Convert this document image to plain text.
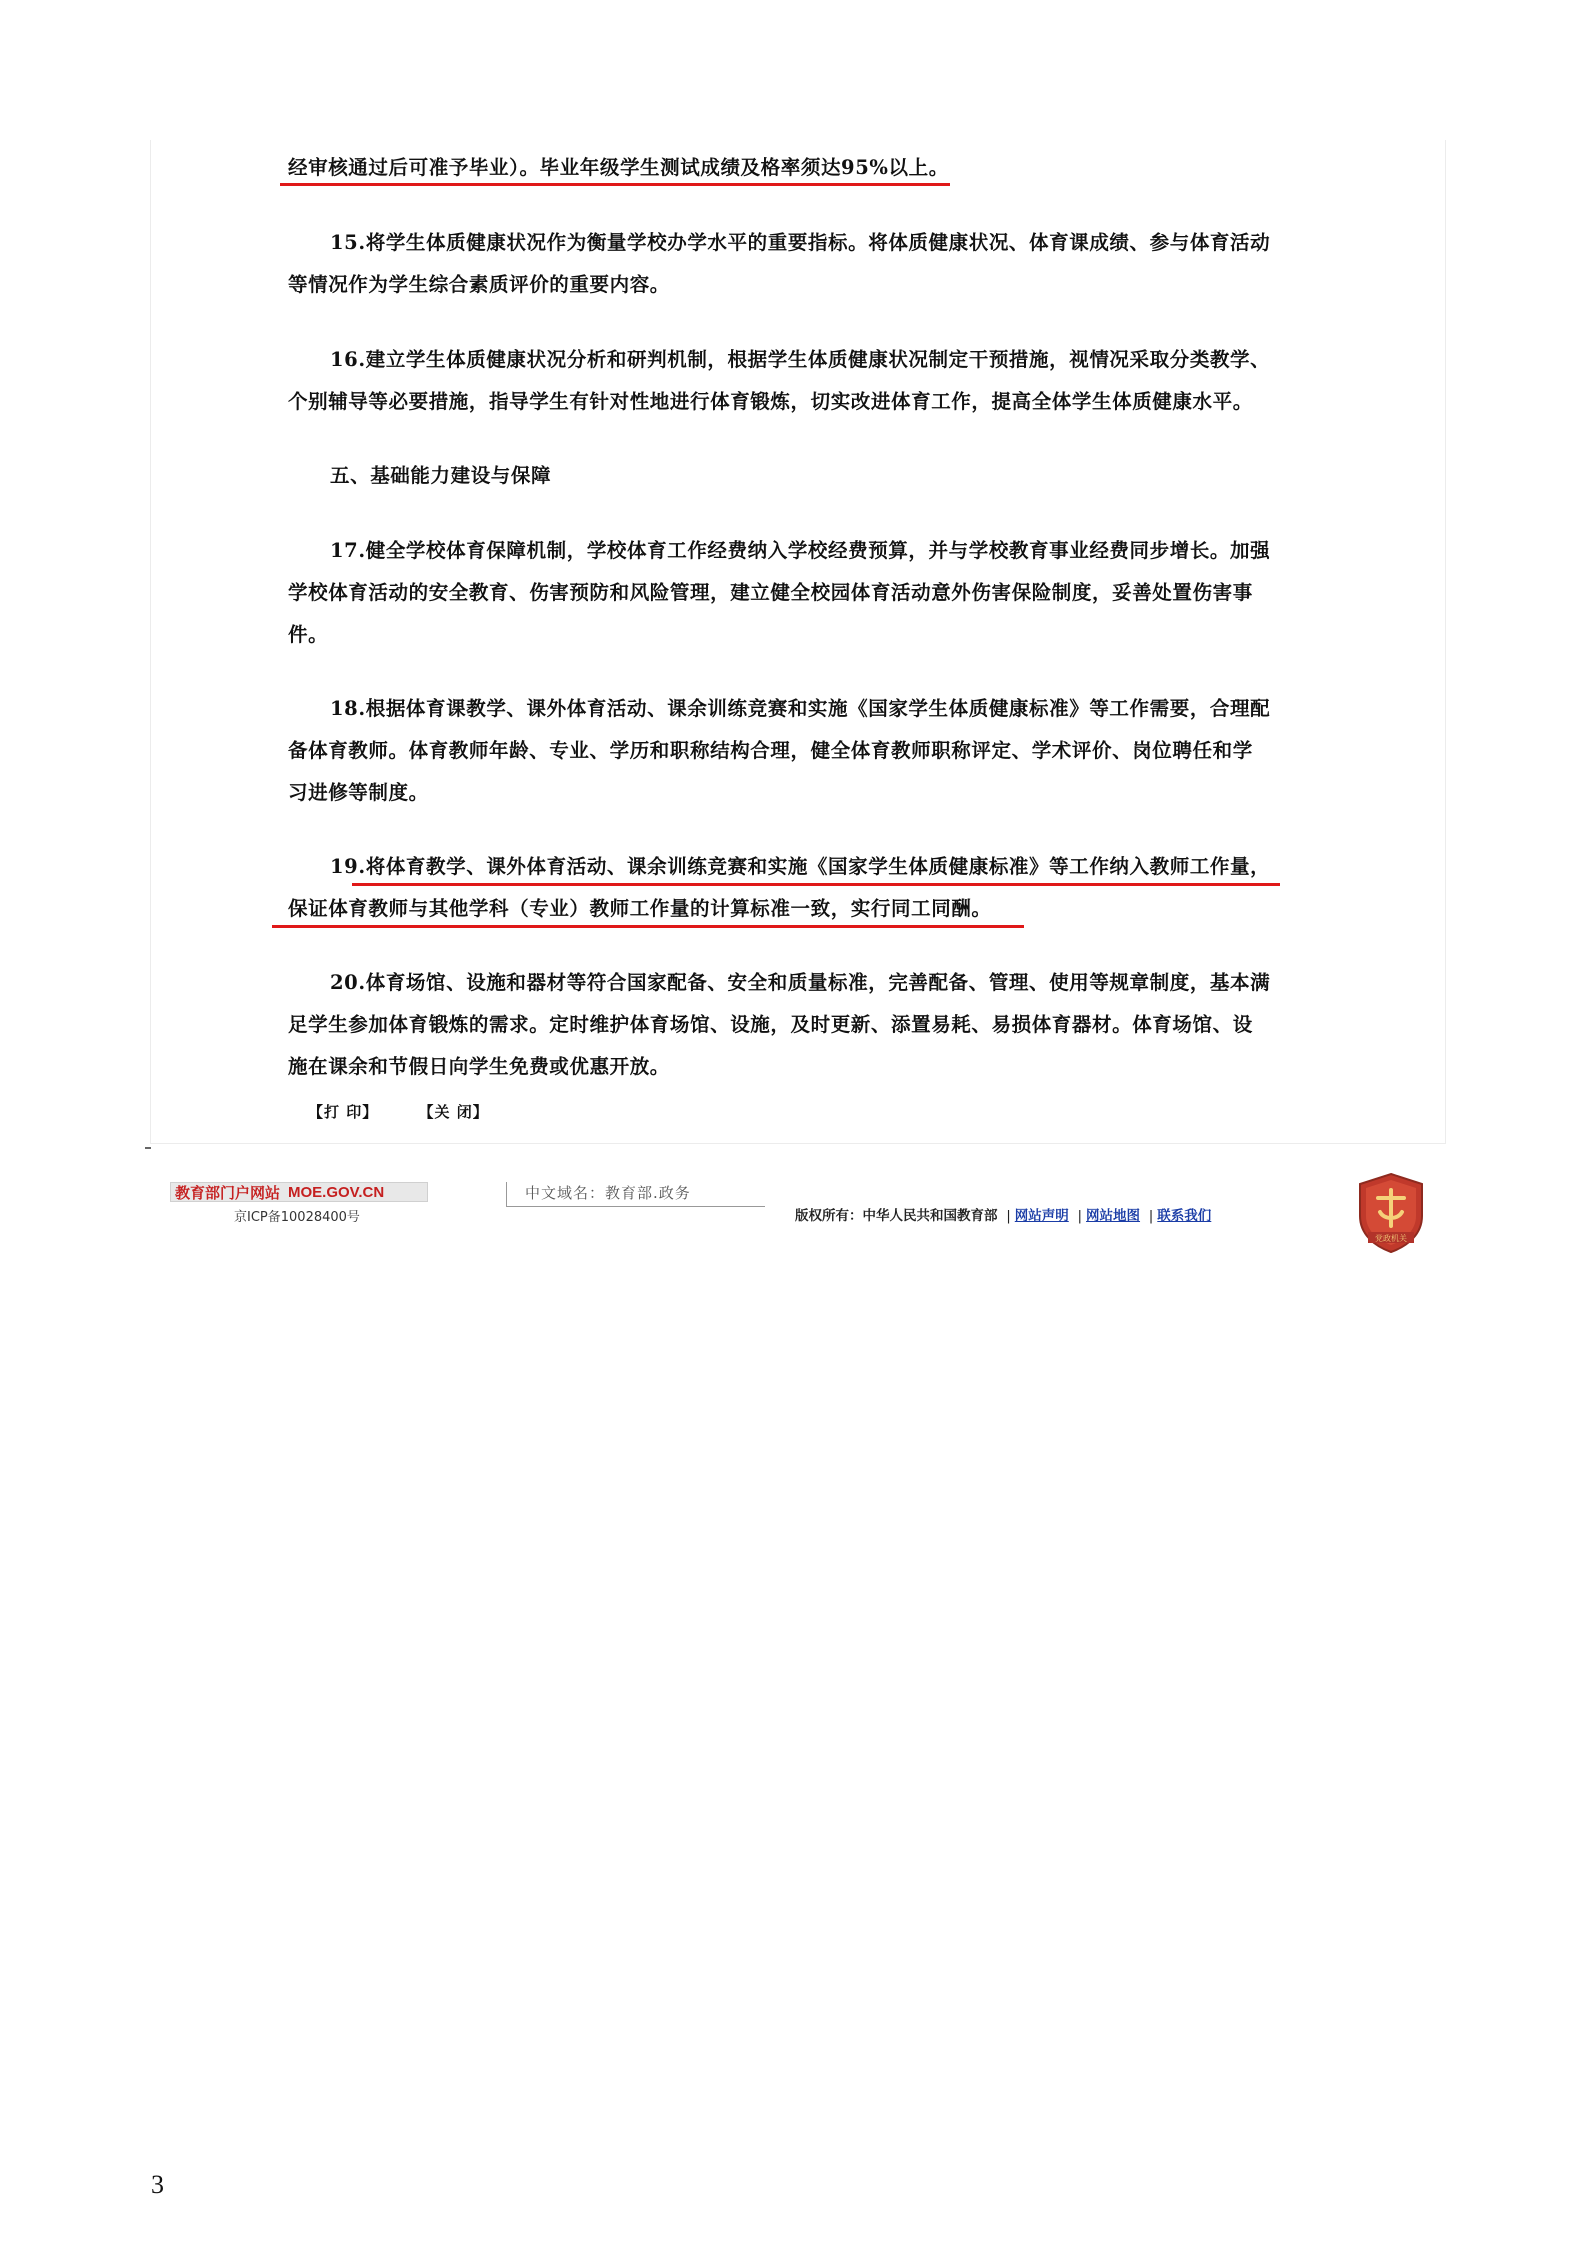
经审核通过后可准予毕业）。毕业年级学生测试成绩及格率须达95%以上。
15.将学生体质健康状况作为衡量学校办学水平的重要指标。将体质健康状况、体育课成绩、参与体育活动
等情况作为学生综合素质评价的重要内容。
16.建立学生体质健康状况分析和研判机制，根据学生体质健康状况制定干预措施，视情况采取分类教学、
个别辅导等必要措施，指导学生有针对性地进行体育锻炼，切实改进体育工作，提高全体学生体质健康水平。
五、基础能力建设与保障
17.健全学校体育保障机制，学校体育工作经费纳入学校经费预算，并与学校教育事业经费同步增长。加强
学校体育活动的安全教育、伤害预防和风险管理，建立健全校园体育活动意外伤害保险制度，妥善处置伤害事
件。
18.根据体育课教学、课外体育活动、课余训练竞赛和实施《国家学生体质健康标准》等工作需要，合理配
备体育教师。体育教师年龄、专业、学历和职称结构合理，健全体育教师职称评定、学术评价、岗位聘任和学
习进修等制度。
19.将体育教学、课外体育活动、课余训练竞赛和实施《国家学生体质健康标准》等工作纳入教师工作量，
保证体育教师与其他学科（专业）教师工作量的计算标准一致，实行同工同酬。
20.体育场馆、设施和器材等符合国家配备、安全和质量标准，完善配备、管理、使用等规章制度，基本满
足学生参加体育锻炼的需求。定时维护体育场馆、设施，及时更新、添置易耗、易损体育器材。体育场馆、设
施在课余和节假日向学生免费或优惠开放。
【打 印】	【关 闭】
教育部门户网站 MOE.GOV.CN
京ICP备10028400号
中文域名：教育部.政务
版权所有：中华人民共和国教育部 | 网站声明 | 网站地图 | 联系我们
党政机关
3
